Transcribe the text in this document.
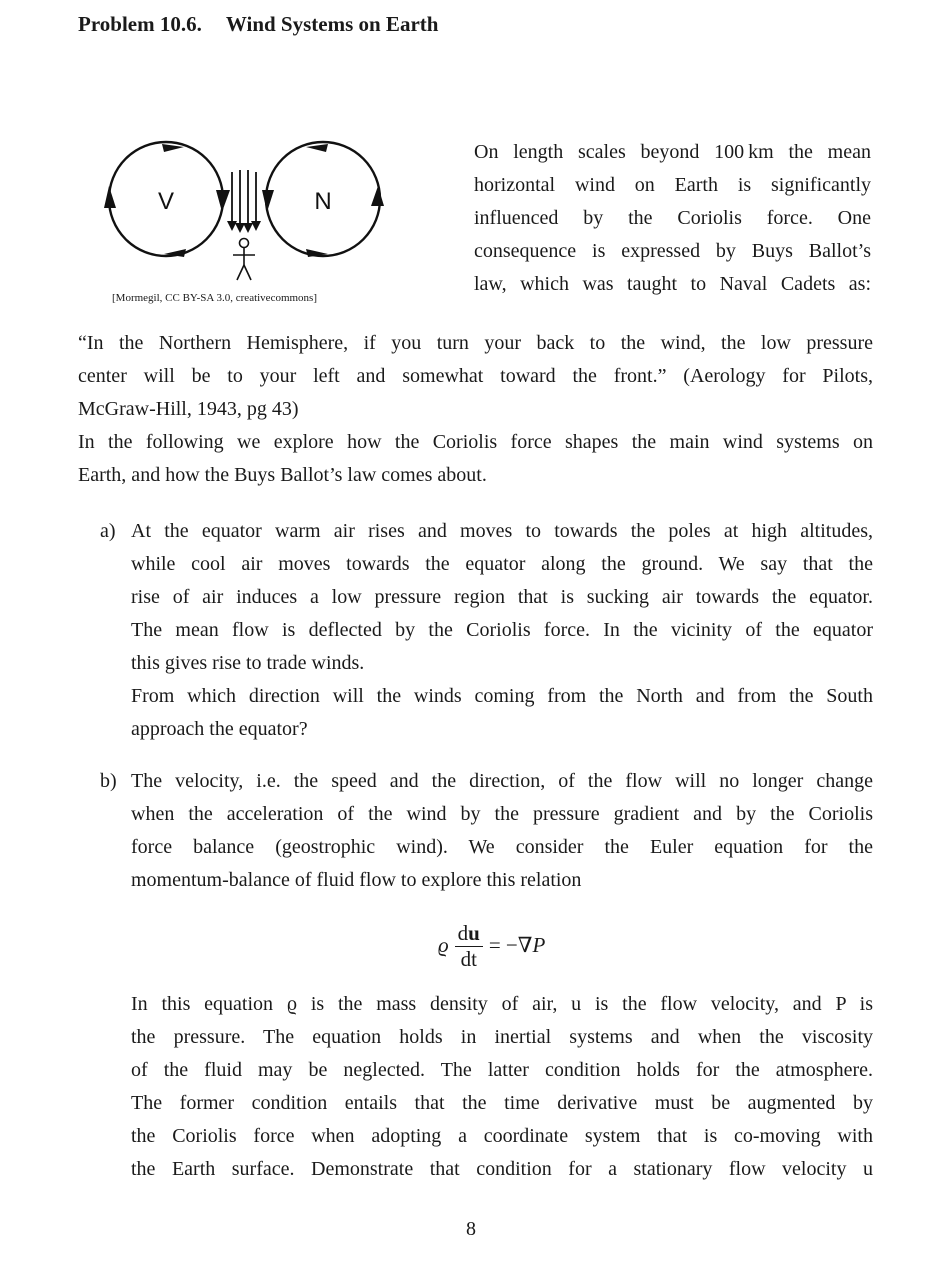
Problem 10.6. Wind Systems on Earth
V	N
[Mormegil, CC BY-SA 3.0, creativecommons]
On length scales beyond 100 km the mean
horizontal wind on Earth is significantly
influenced by the Coriolis force. One
consequence is expressed by Buys Ballot’s
law, which was taught to Naval Cadets as:
“In the Northern Hemisphere, if you turn your back to the wind, the low pressure
center will be to your left and somewhat toward the front.” (Aerology for Pilots,
McGraw-Hill, 1943, pg 43)
In the following we explore how the Coriolis force shapes the main wind systems on
Earth, and how the Buys Ballot’s law comes about.
a) At the equator warm air rises and moves to towards the poles at high altitudes,
while cool air moves towards the equator along the ground. We say that the
rise of air induces a low pressure region that is sucking air towards the equator.
The mean flow is deflected by the Coriolis force. In the vicinity of the equator
this gives rise to trade winds.
From which direction will the winds coming from the North and from the South
approach the equator?
b) The velocity, i.e. the speed and the direction, of the flow will no longer change
when the acceleration of the wind by the pressure gradient and by the Coriolis
force balance (geostrophic wind). We consider the Euler equation for the
momentum-balance of fluid flow to explore this relation
ϱ $\frac{du}{dt}$ = −∇ P
In this equation ϱ is the mass density of air, u is the flow velocity, and P is
the pressure. The equation holds in inertial systems and when the viscosity
of the fluid may be neglected. The latter condition holds for the atmosphere.
The former condition entails that the time derivative must be augmented by
the Coriolis force when adopting a coordinate system that is co-moving with
the Earth surface. Demonstrate that condition for a stationary flow velocity u
8
